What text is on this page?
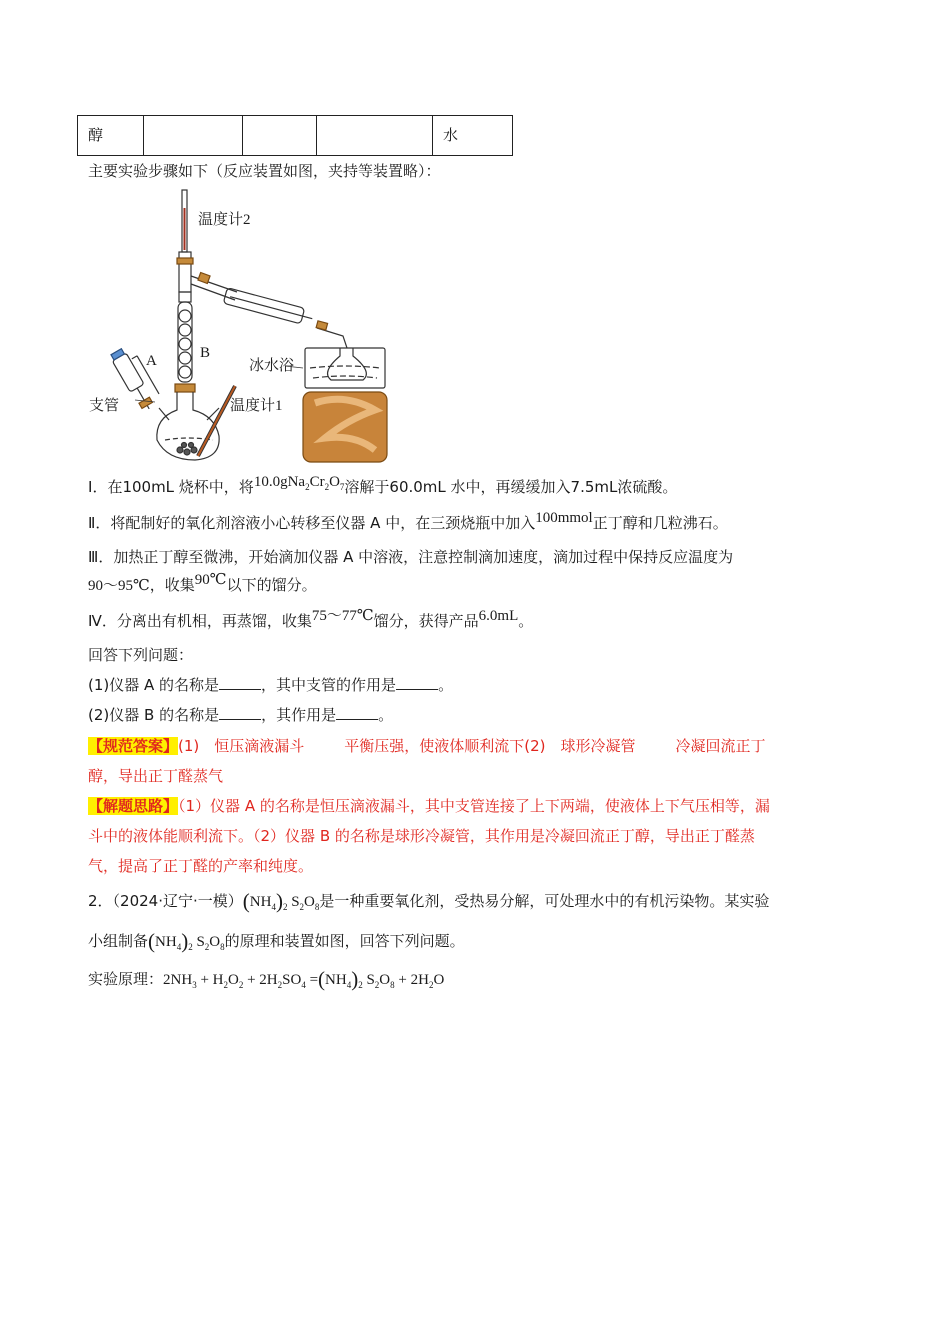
醇				水
主要实验步骤如下（反应装置如图，夹持等装置略）：
温度计2
A	B
支管	温度计1
冰水浴
Ⅰ．在100mL 烧杯中，将$10.0gNa_2Cr_2O_7$溶解于60.0mL 水中，再缓缓加入7.5mL浓硫酸。
Ⅱ．将配制好的氧化剂溶液小心转移至仪器 A 中，在三颈烧瓶中加入100mmol正丁醇和几粒沸石。
Ⅲ．加热正丁醇至微沸，开始滴加仪器 A 中溶液，注意控制滴加速度，滴加过程中保持反应温度为
90～95℃，收集90℃以下的馏分。
Ⅳ．分离出有机相，再蒸馏，收集75～77℃馏分，获得产品6.0mL。
回答下列问题：
(1)仪器 A 的名称是	，其中支管的作用是	。
(2)仪器 B 的名称是	，其作用是	。
【规范答案】(1)　恒压滴液漏斗	平衡压强，使液体顺利流下(2)　球形冷凝管	冷凝回流正丁
醇，导出正丁醛蒸气
【解题思路】（1）仪器 A 的名称是恒压滴液漏斗，其中支管连接了上下两端，使液体上下气压相等，漏
斗中的液体能顺利流下。（2）仪器 B 的名称是球形冷凝管，其作用是冷凝回流正丁醇，导出正丁醛蒸
气，提高了正丁醛的产率和纯度。
2．（2024·辽宁·一模）$(NH_4)_2$ $S_2O_8$是一种重要氧化剂，受热易分解，可处理水中的有机污染物。某实验
小组制备$(NH_4)_2$ $S_2O_8$的原理和装置如图，回答下列问题。
实验原理：$2NH_3 + H_2O_2 + 2H_2SO_4 =(NH_4)_2$ $S_2O_8 + 2H_2O$
